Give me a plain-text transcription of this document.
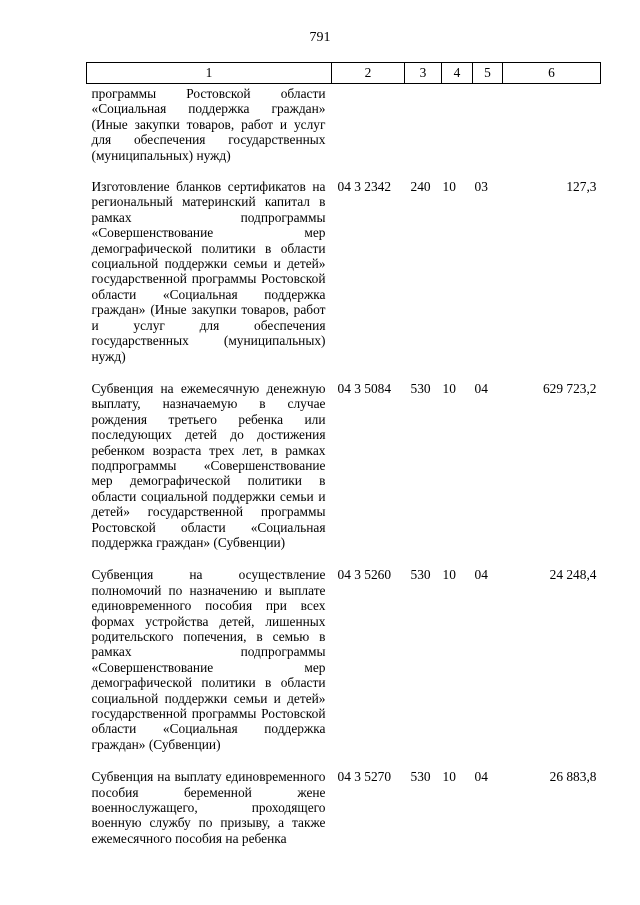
791
1	2	3	4	5	6
программы Ростовской области «Социальная поддержка граждан» (Иные закупки товаров, работ и услуг для обеспечения государственных (муниципальных) нужд)					
Изготовление бланков сертификатов на региональный материнский капитал в рамках подпрограммы «Совершенствование мер демографической политики в области социальной поддержки семьи и детей» государственной программы Ростовской области «Социальная поддержка граждан» (Иные закупки товаров, работ и услуг для обеспечения государственных (муниципальных) нужд)	04 3 2342	240	10	03	127,3
Субвенция на ежемесячную денежную выплату, назначаемую в случае рождения третьего ребенка или последующих детей до достижения ребенком возраста трех лет, в рамках подпрограммы «Совершенствование мер демографической политики в области социальной поддержки семьи и детей» государственной программы Ростовской области «Социальная поддержка граждан» (Субвенции)	04 3 5084	530	10	04	629 723,2
Субвенция на осуществление полномочий по назначению и выплате единовременного пособия при всех формах устройства детей, лишенных родительского попечения, в семью в рамках подпрограммы «Совершенствование мер демографической политики в области социальной поддержки семьи и детей» государственной программы Ростовской области «Социальная поддержка граждан» (Субвенции)	04 3 5260	530	10	04	24 248,4
Субвенция на выплату единовременного пособия беременной жене военнослужащего, проходящего военную службу по призыву, а также ежемесячного пособия на ребенка	04 3 5270	530	10	04	26 883,8
